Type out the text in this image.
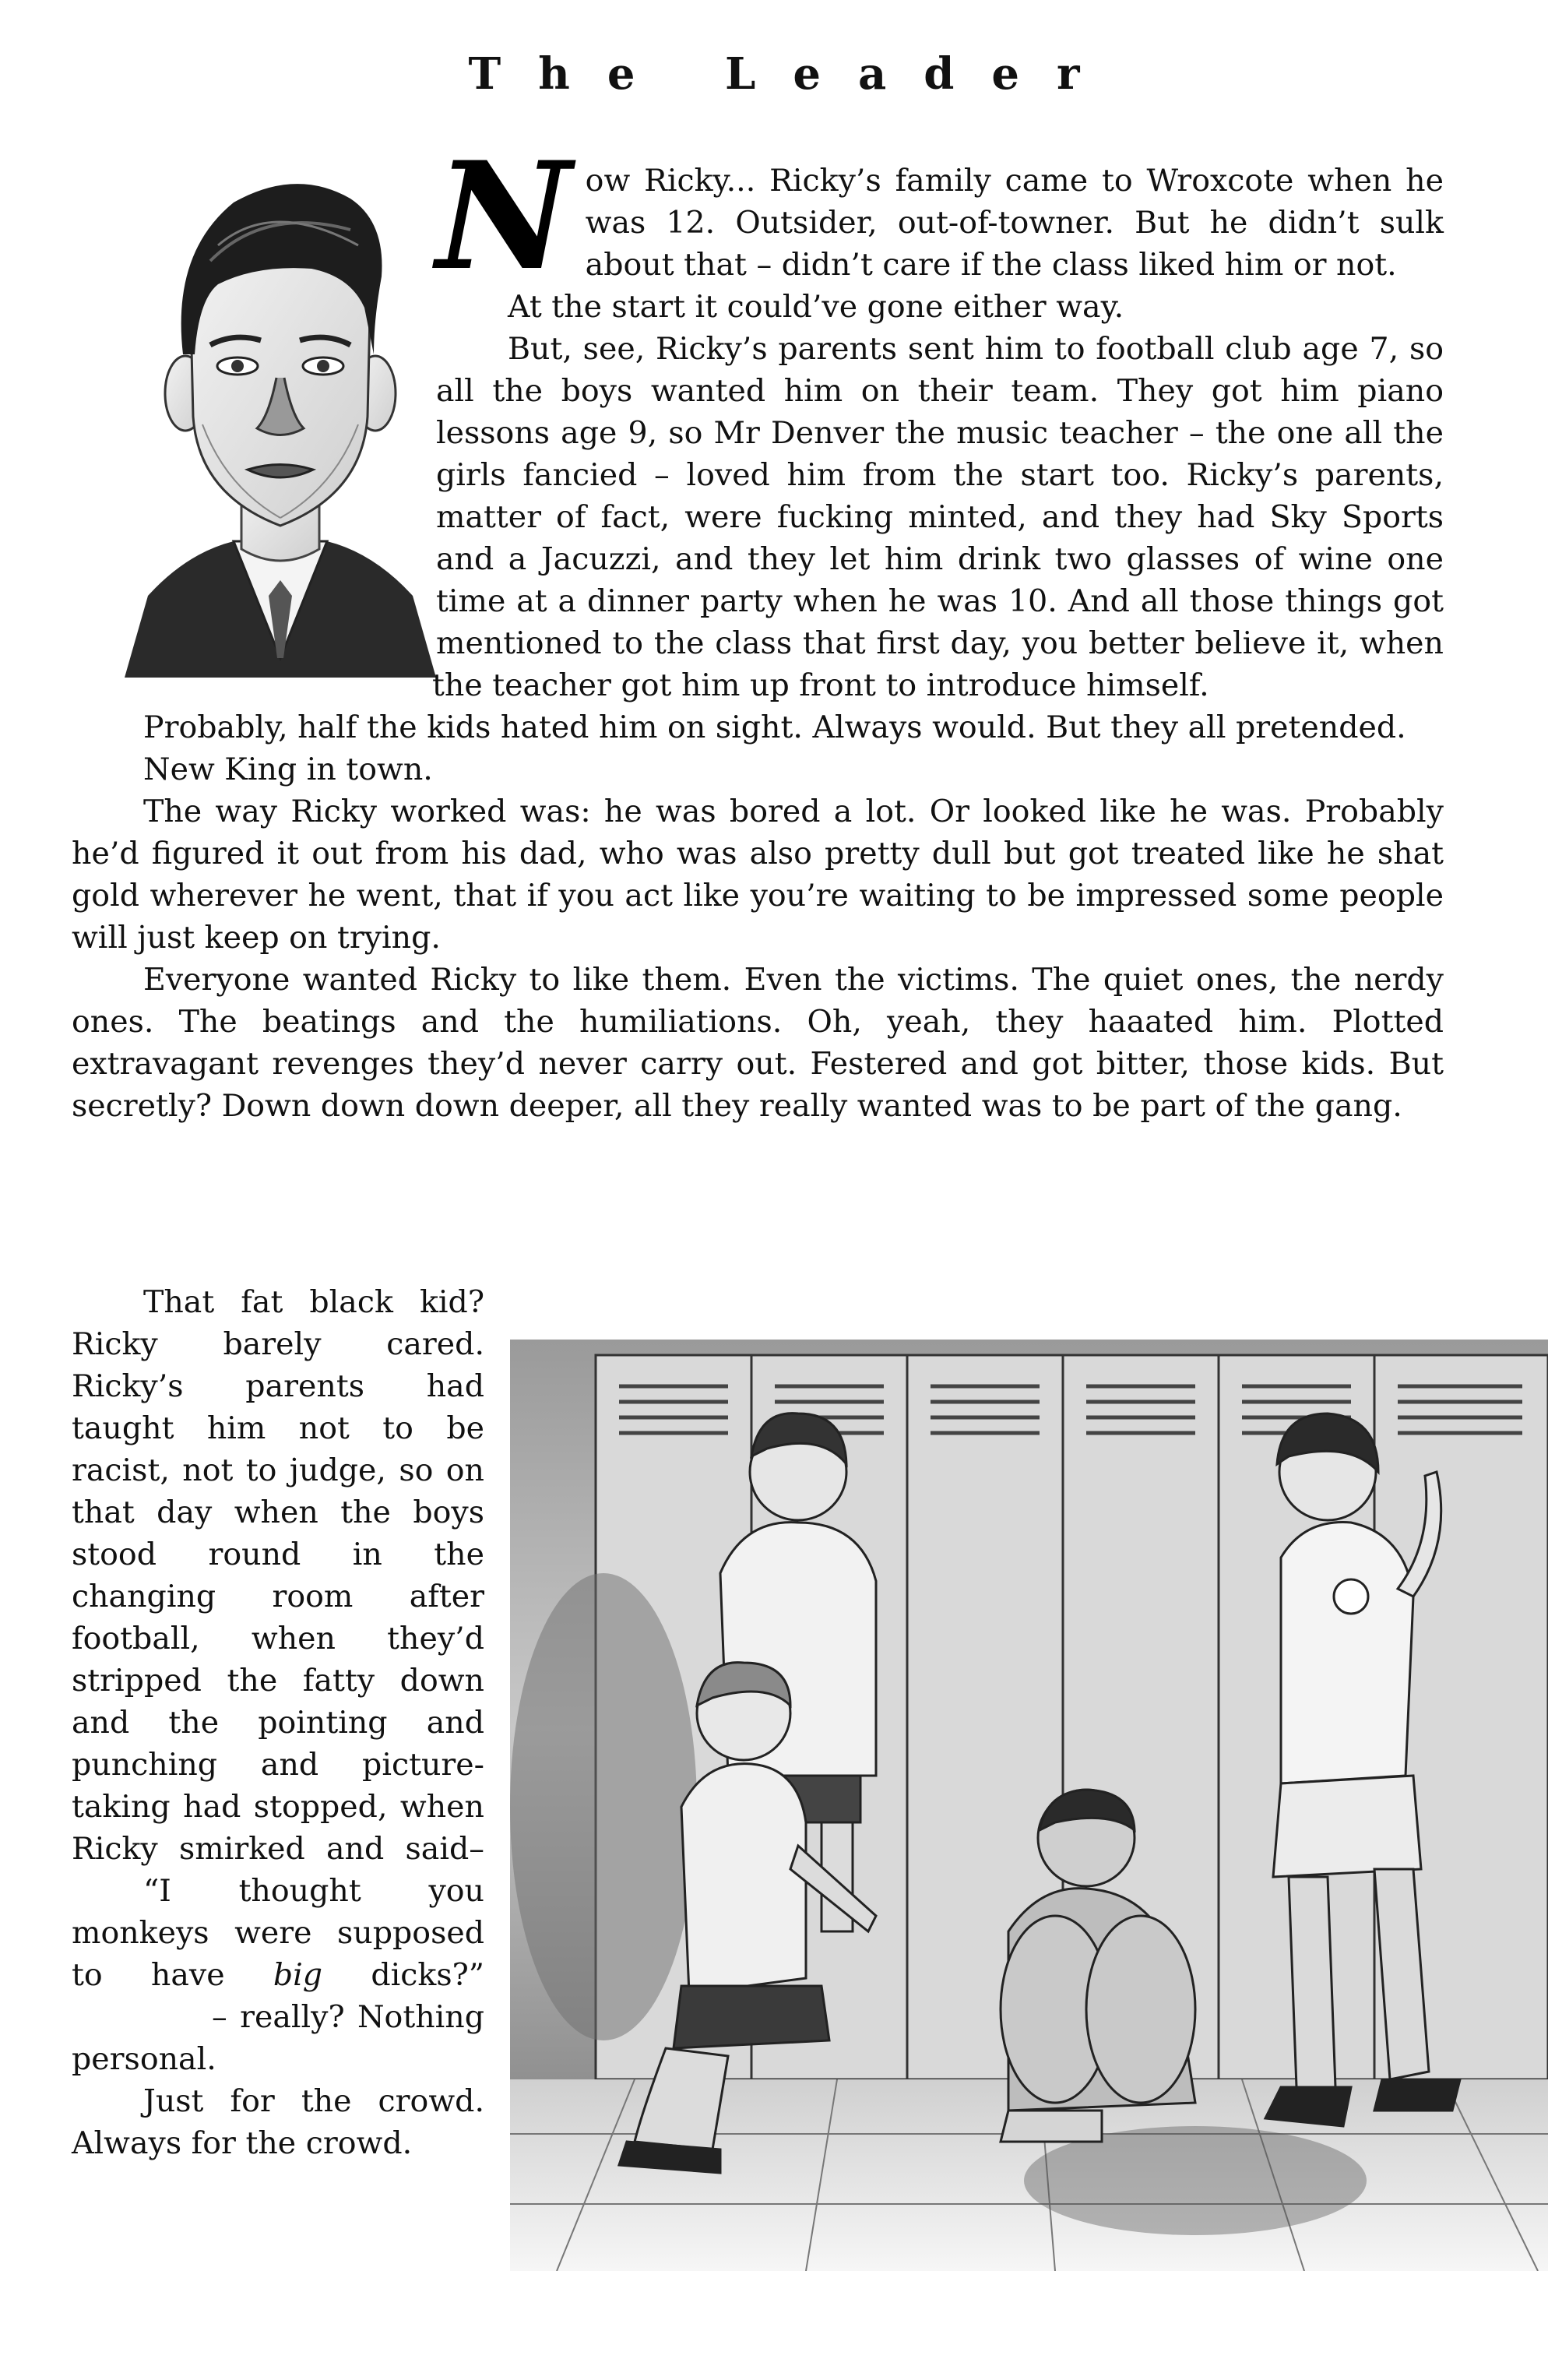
The Leader

Now Ricky... Ricky’s family came to Wroxcote when he was 12. Outsider, out-of-towner. But he didn’t sulk about that – didn’t care if the class liked him or not.

At the start it could’ve gone either way.

But, see, Ricky’s parents sent him to football club age 7, so all the boys wanted him on their team. They got him piano lessons age 9, so Mr Denver the music teacher – the one all the girls fancied – loved him from the start too. Ricky’s parents, matter of fact, were fucking minted, and they had Sky Sports and a Jacuzzi, and they let him drink two glasses of wine one time at a dinner party when he was 10. And all those things got mentioned to the class that first day, you better believe it, when the teacher got him up front to introduce himself.

Probably, half the kids hated him on sight. Always would. But they all pretended.

New King in town.

The way Ricky worked was: he was bored a lot. Or looked like he was. Probably he’d figured it out from his dad, who was also pretty dull but got treated like he shat gold wherever he went, that if you act like you’re waiting to be impressed some people will just keep on trying.

Everyone wanted Ricky to like them. Even the victims. The quiet ones, the nerdy ones. The beatings and the humiliations. Oh, yeah, they haaated him. Plotted extravagant revenges they’d never carry out. Festered and got bitter, those kids. But secretly? Down down down deeper, all they really wanted was to be part of the gang.

That fat black kid? Ricky barely cared. Ricky’s parents had taught him not to be racist, not to judge, so on that day when the boys stood round in the changing room after football, when they’d stripped the fatty down and the pointing and punching and picture-taking had stopped, when Ricky smirked and said–

“I thought you monkeys were supposed to have big dicks?”

– really? Nothing personal.

Just for the crowd. Always for the crowd.
